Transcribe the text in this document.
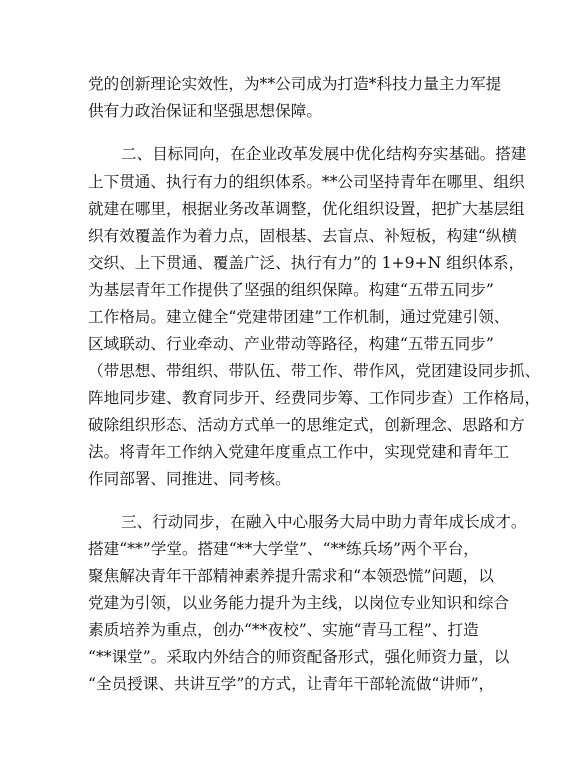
党的创新理论实效性，为**公司成为打造*科技力量主力军提
供有力政治保证和坚强思想保障。
二、目标同向，在企业改革发展中优化结构夯实基础。搭建
上下贯通、执行有力的组织体系。**公司坚持青年在哪里、组织
就建在哪里，根据业务改革调整，优化组织设置，把扩大基层组
织有效覆盖作为着力点，固根基、去盲点、补短板，构建“纵横
交织、上下贯通、覆盖广泛、执行有力”的 1+9+N 组织体系，
为基层青年工作提供了坚强的组织保障。构建“五带五同步”
工作格局。建立健全“党建带团建”工作机制，通过党建引领、
区域联动、行业牵动、产业带动等路径，构建“五带五同步”
（带思想、带组织、带队伍、带工作、带作风，党团建设同步抓、
阵地同步建、教育同步开、经费同步筹、工作同步查）工作格局，
破除组织形态、活动方式单一的思维定式，创新理念、思路和方
法。将青年工作纳入党建年度重点工作中，实现党建和青年工
作同部署、同推进、同考核。
三、行动同步，在融入中心服务大局中助力青年成长成才。
搭建“**”学堂。搭建“**大学堂”、“**练兵场”两个平台，
聚焦解决青年干部精神素养提升需求和“本领恐慌”问题，以
党建为引领，以业务能力提升为主线，以岗位专业知识和综合
素质培养为重点，创办“**夜校”、实施“青马工程”、打造
“**课堂”。采取内外结合的师资配备形式，强化师资力量，以
“全员授课、共讲互学”的方式，让青年干部轮流做“讲师”，
